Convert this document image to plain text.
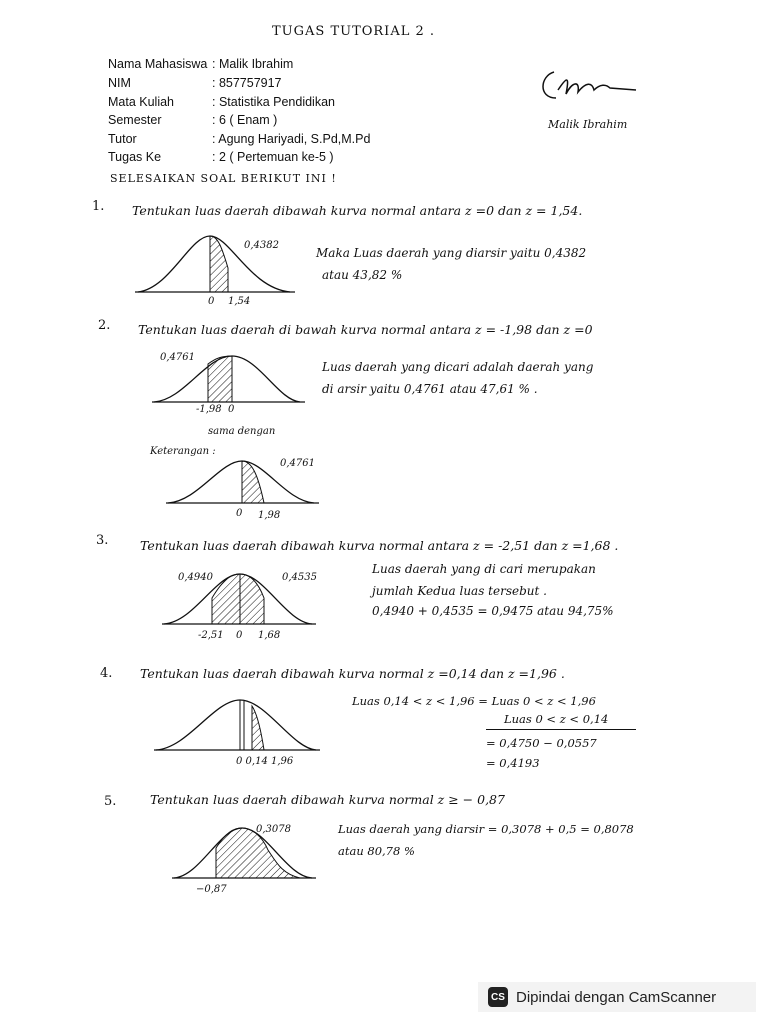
TUGAS TUTORIAL 2 .
Nama Mahasiswa : Malik Ibrahim
NIM	: 857757917
Mata Kuliah	: Statistika Pendidikan
Semester	: 6 ( Enam )
Tutor	: Agung Hariyadi, S.Pd,M.Pd
Tugas Ke	: 2 ( Pertemuan ke-5 )
Malik Ibrahim
SELESAIKAN SOAL BERIKUT INI !
1. Tentukan luas daerah dibawah kurva normal antara z =0 dan z = 1,54.
0,4382
0 1,54
Maka Luas daerah yang diarsir yaitu 0,4382
atau 43,82 %
2. Tentukan luas daerah di bawah kurva normal antara z = -1,98 dan z =0
0,4761
-1,98 0
Luas daerah yang dicari adalah daerah yang
di arsir yaitu 0,4761 atau 47,61 % .
sama dengan
Keterangan :
0,4761
0 1,98
3.	Tentukan luas daerah dibawah kurva normal antara z = -2,51 dan z =1,68 .
0,4940	0,4535
-2,51 0 1,68
Luas daerah yang di cari merupakan
jumlah Kedua luas tersebut .
0,4940 + 0,4535 = 0,9475 atau 94,75%
4. Tentukan luas daerah dibawah kurva normal z =0,14 dan z =1,96 .
0 0,14 1,96
Luas 0,14 < z < 1,96 = Luas 0 < z < 1,96
Luas 0 < z < 0,14
= 0,4750 − 0,0557
= 0,4193
5.	Tentukan luas daerah dibawah kurva normal z ≥ − 0,87
0,3078
−0,87
Luas daerah yang diarsir = 0,3078 + 0,5 = 0,8078
atau 80,78 %
CS Dipindai dengan CamScanner
